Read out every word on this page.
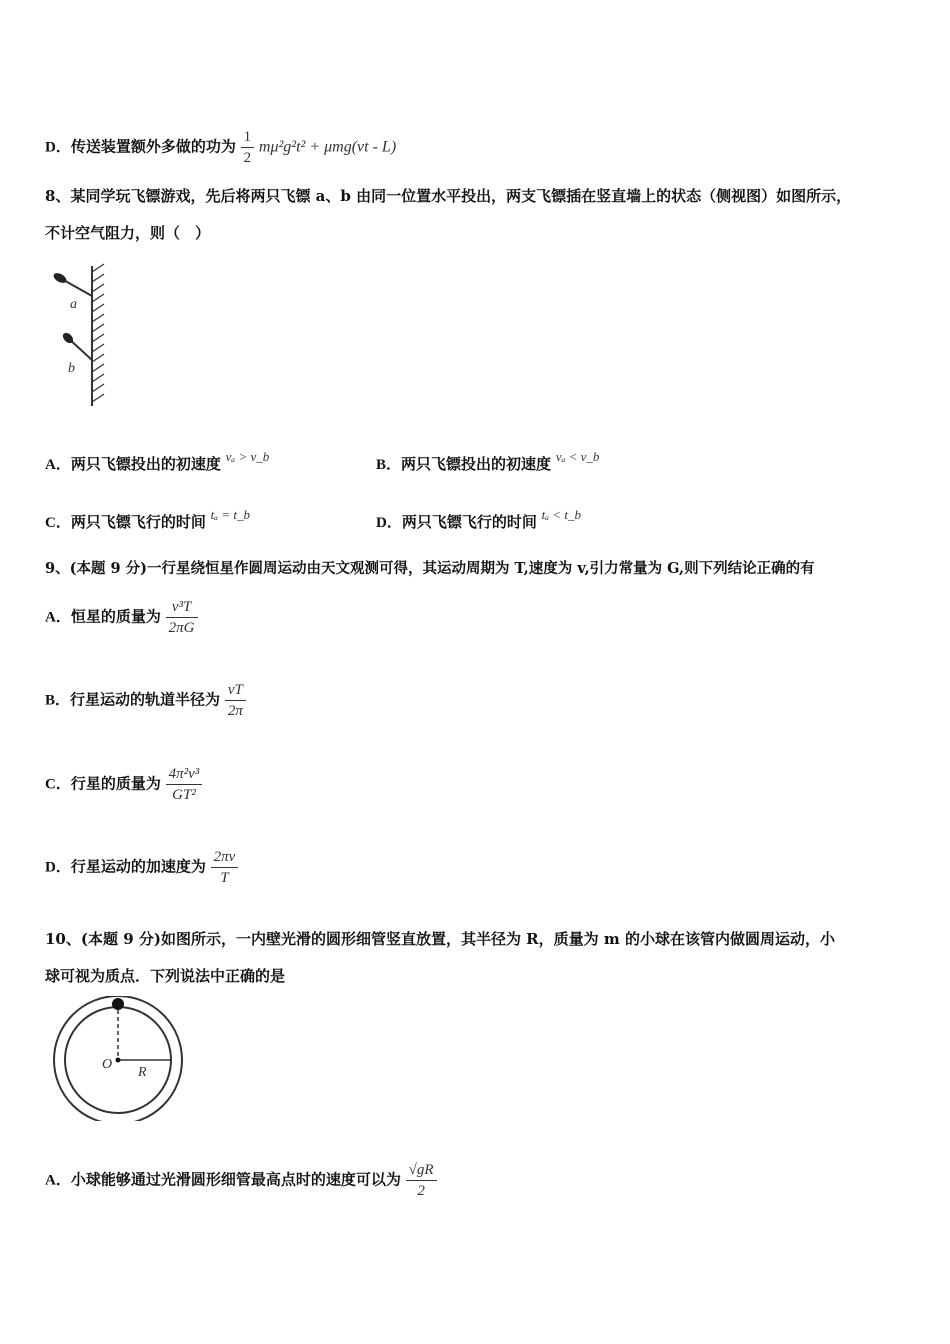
D．传送装置额外多做的功为 $\frac{1}{2} m\mu^2g^2t^2 + \mu mg(vt - L)$
8、某同学玩飞镖游戏，先后将两只飞镖 a、b 由同一位置水平投出，两支飞镖插在竖直墙上的状态（侧视图）如图所示，
不计空气阻力，则（　）
a
b
A．两只飞镖投出的初速度 vₐ > v_b
B．两只飞镖投出的初速度 vₐ < v_b
C．两只飞镖飞行的时间 tₐ = t_b
D．两只飞镖飞行的时间 tₐ < t_b
9、(本题 9 分)一行星绕恒星作圆周运动由天文观测可得，其运动周期为 T,速度为 v,引力常量为 G,则下列结论正确的有
A．恒星的质量为 $\frac{\text{v³T}}{2\pi G}$
B．行星运动的轨道半径为 $\frac{vT}{2\pi}$
C．行星的质量为 $\frac{\text{4π²v³}}{\text{GT²}}$
D．行星运动的加速度为 $\frac{2\pi v}{T}$
10、(本题 9 分)如图所示，一内壁光滑的圆形细管竖直放置，其半径为 R，质量为 m 的小球在该管内做圆周运动，小
球可视为质点．下列说法中正确的是
O
R
A．小球能够通过光滑圆形细管最高点时的速度可以为 $\frac{√gR}{2}$
